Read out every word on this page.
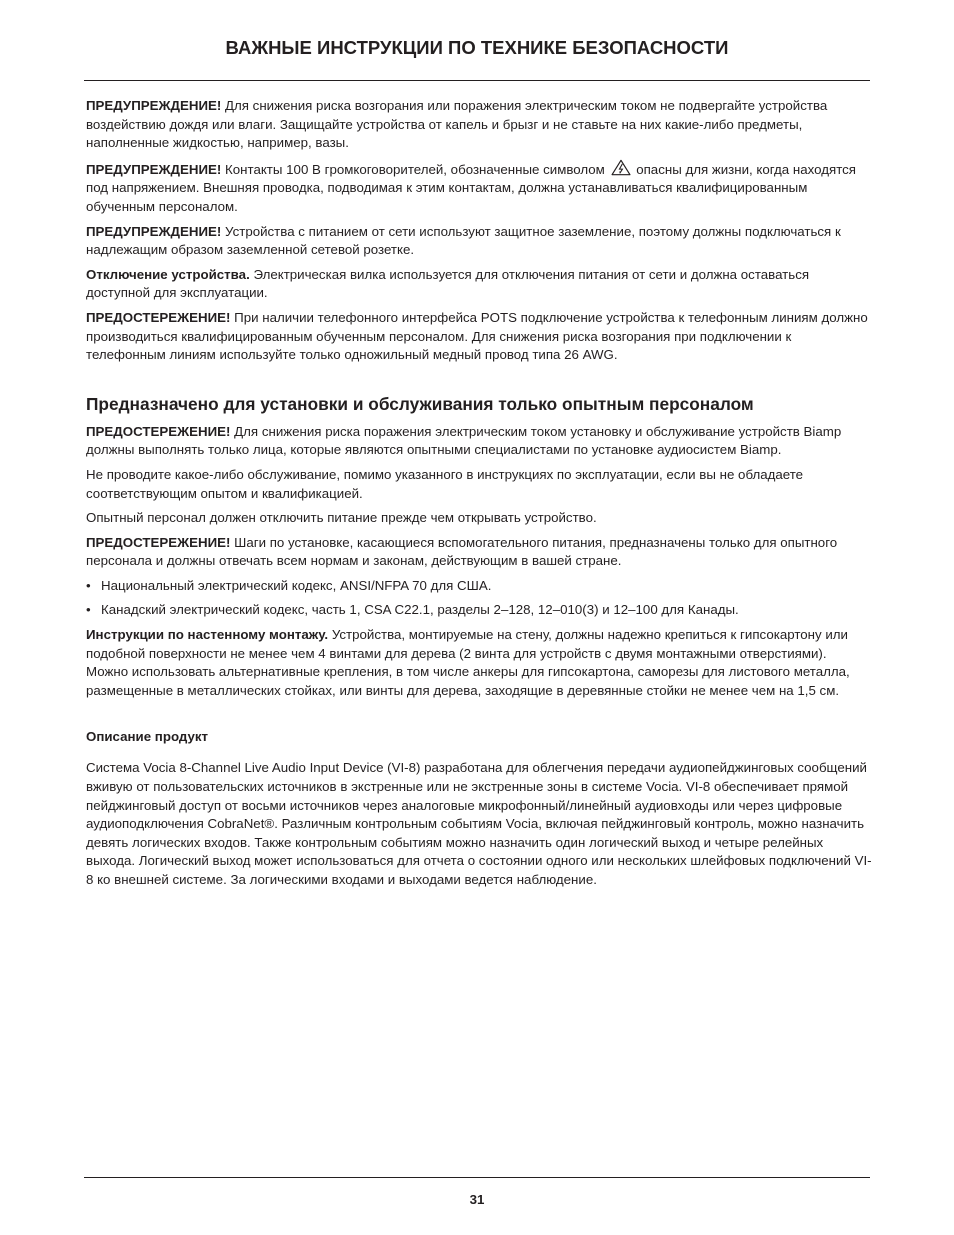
ВАЖНЫЕ ИНСТРУКЦИИ ПО ТЕХНИКЕ БЕЗОПАСНОСТИ

ПРЕДУПРЕЖДЕНИЕ! Для снижения риска возгорания или поражения электрическим током не подвергайте устройства воздействию дождя или влаги. Защищайте устройства от капель и брызг и не ставьте на них какие-либо предметы, наполненные жидкостью, например, вазы.

ПРЕДУПРЕЖДЕНИЕ! Контакты 100 В громкоговорителей, обозначенные символом  опасны для жизни, когда находятся под напряжением. Внешняя проводка, подводимая к этим контактам, должна устанавливаться квалифицированным обученным персоналом.

ПРЕДУПРЕЖДЕНИЕ! Устройства с питанием от сети используют защитное заземление, поэтому должны подключаться к надлежащим образом заземленной сетевой розетке.

Отключение устройства. Электрическая вилка используется для отключения питания от сети и должна оставаться доступной для эксплуатации.

ПРЕДОСТЕРЕЖЕНИЕ! При наличии телефонного интерфейса POTS подключение устройства к телефонным линиям должно производиться квалифицированным обученным персоналом. Для снижения риска возгорания при подключении к телефонным линиям используйте только одножильный медный провод типа 26 AWG.

Предназначено для установки и обслуживания только опытным персоналом

ПРЕДОСТЕРЕЖЕНИЕ! Для снижения риска поражения электрическим током установку и обслуживание устройств Biamp должны выполнять только лица, которые являются опытными специалистами по установке аудиосистем Biamp.

Не проводите какое-либо обслуживание, помимо указанного в инструкциях по эксплуатации, если вы не обладаете соответствующим опытом и квалификацией.

Опытный персонал должен отключить питание прежде чем открывать устройство.

ПРЕДОСТЕРЕЖЕНИЕ! Шаги по установке, касающиеся вспомогательного питания, предназначены только для опытного персонала и должны отвечать всем нормам и законам, действующим в вашей стране.

• Национальный электрический кодекс, ANSI/NFPA 70 для США.
• Канадский электрический кодекс, часть 1, CSA C22.1, разделы 2–128, 12–010(3) и 12–100 для Канады.

Инструкции по настенному монтажу. Устройства, монтируемые на стену, должны надежно крепиться к гипсокартону или подобной поверхности не менее чем 4 винтами для дерева (2 винта для устройств с двумя монтажными отверстиями). Можно использовать альтернативные крепления, в том числе анкеры для гипсокартона, саморезы для листового металла, размещенные в металлических стойках, или винты для дерева, заходящие в деревянные стойки не менее чем на 1,5 см.

Описание продукт

Система Vocia 8-Channel Live Audio Input Device (VI-8) разработана для облегчения передачи аудиопейджинговых сообщений вживую от пользовательских источников в экстренные или не экстренные зоны в системе Vocia. VI-8 обеспечивает прямой пейджинговый доступ от восьми источников через аналоговые микрофонный/линейный аудиовходы или через цифровые аудиоподключения CobraNet®. Различным контрольным событиям Vocia, включая пейджинговый контроль, можно назначить девять логических входов. Также контрольным событиям можно назначить один логический выход и четыре релейных выхода. Логический выход может использоваться для отчета о состоянии одного или нескольких шлейфовых подключений VI-8 ко внешней системе. За логическими входами и выходами ведется наблюдение.

31
